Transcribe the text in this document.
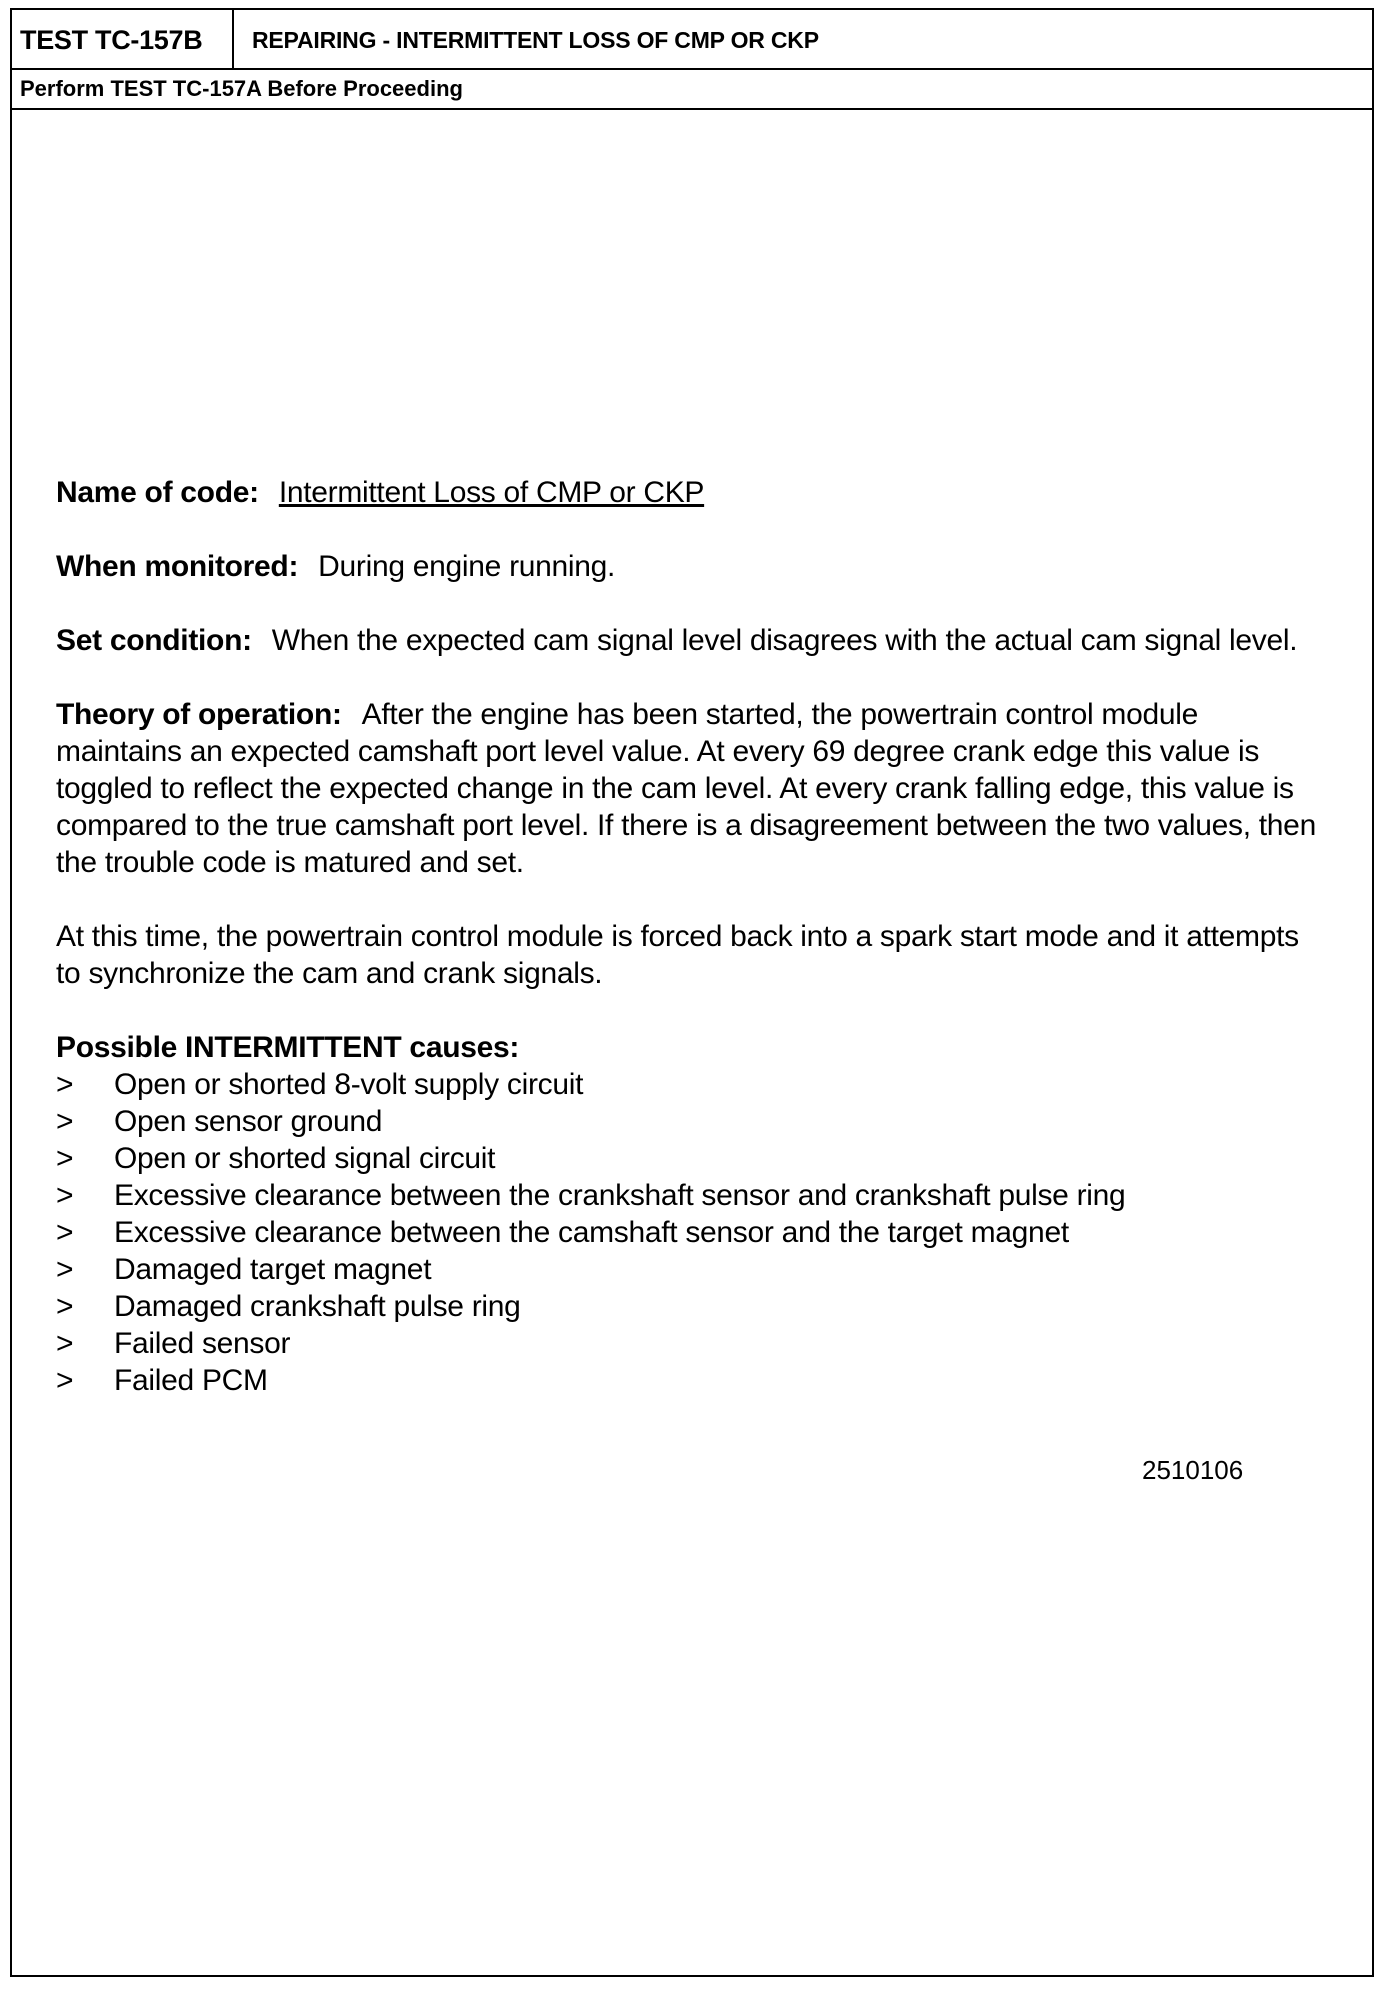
TEST TC-157B	REPAIRING - INTERMITTENT LOSS OF CMP OR CKP
Perform TEST TC-157A Before Proceeding
Name of code: Intermittent Loss of CMP or CKP
When monitored: During engine running.
Set condition: When the expected cam signal level disagrees with the actual cam signal level.
Theory of operation: After the engine has been started, the powertrain control module maintains an expected camshaft port level value. At every 69 degree crank edge this value is toggled to reflect the expected change in the cam level. At every crank falling edge, this value is compared to the true camshaft port level. If there is a disagreement between the two values, then the trouble code is matured and set.
At this time, the powertrain control module is forced back into a spark start mode and it attempts to synchronize the cam and crank signals.
Possible INTERMITTENT causes:
>	Open or shorted 8-volt supply circuit
>	Open sensor ground
>	Open or shorted signal circuit
>	Excessive clearance between the crankshaft sensor and crankshaft pulse ring
>	Excessive clearance between the camshaft sensor and the target magnet
>	Damaged target magnet
>	Damaged crankshaft pulse ring
>	Failed sensor
>	Failed PCM
2510106
